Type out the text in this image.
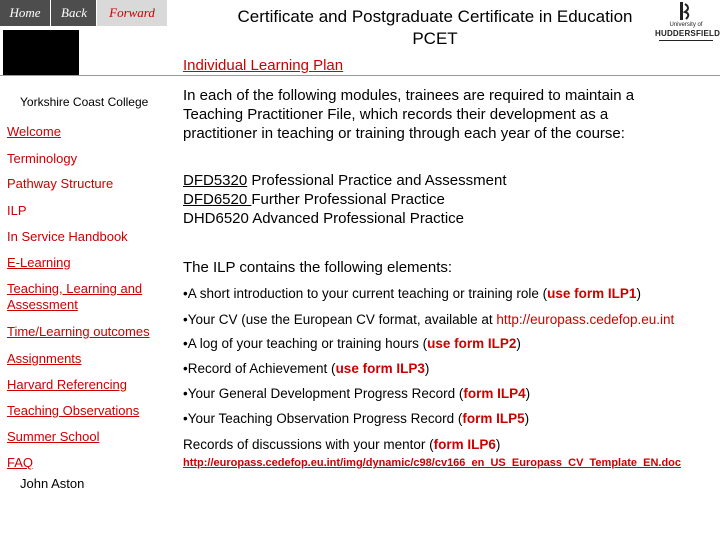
Home	Back	Forward	Certificate and Postgraduate Certificate in Education
PCET
University of
HUDDERSFIELD
Individual Learning Plan
Yorkshire Coast College
Welcome
Terminology
Pathway Structure
ILP
In Service Handbook
E-Learning
Teaching, Learning and Assessment
Time/Learning outcomes
Assignments
Harvard Referencing
Teaching Observations
Summer School
FAQ
John Aston
In each of the following modules, trainees are required to maintain a
Teaching Practitioner File, which records their development as a
practitioner in teaching or training through each year of the course:
DFD5320 Professional Practice and Assessment
DFD6520 Further Professional Practice
DHD6520 Advanced Professional Practice
The ILP contains the following elements:
•A short introduction to your current teaching or training role (use form ILP1)
•Your CV (use the European CV format, available at http://europass.cedefop.eu.int
•A log of your teaching or training hours (use form ILP2)
•Record of Achievement (use form ILP3)
•Your General Development Progress Record (form ILP4)
•Your Teaching Observation Progress Record (form ILP5)
Records of discussions with your mentor (form ILP6)
http://europass.cedefop.eu.int/img/dynamic/c98/cv166_en_US_Europass_CV_Template_EN.doc
